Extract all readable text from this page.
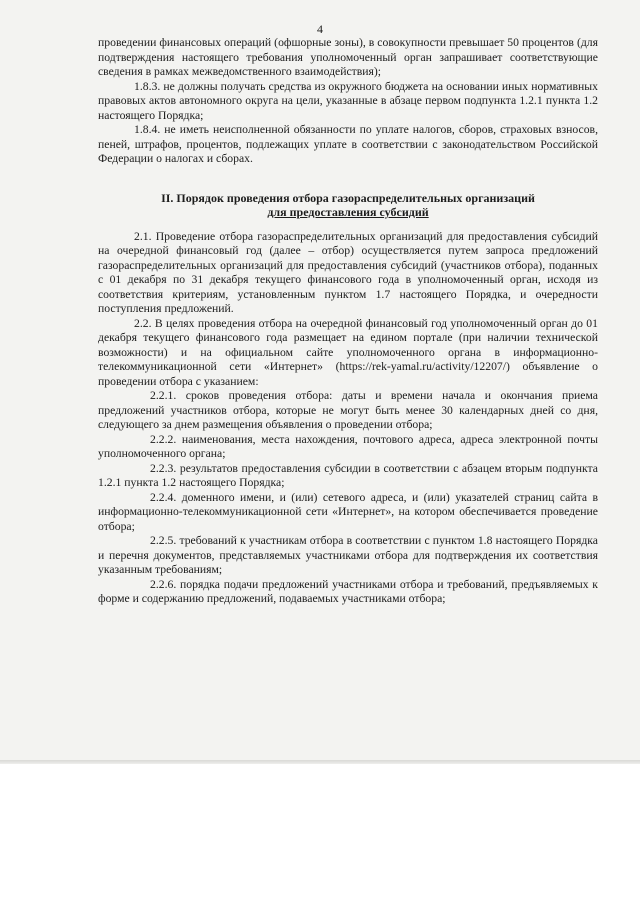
4

проведении финансовых операций (офшорные зоны), в совокупности превышает 50 процентов (для подтверждения настоящего требования уполномоченный орган запрашивает соответствующие сведения в рамках межведомственного взаимодействия);

1.8.3. не должны получать средства из окружного бюджета на основании иных нормативных правовых актов автономного округа на цели, указанные в абзаце первом подпункта 1.2.1 пункта 1.2 настоящего Порядка;

1.8.4. не иметь неисполненной обязанности по уплате налогов, сборов, страховых взносов, пеней, штрафов, процентов, подлежащих уплате в соответствии с законодательством Российской Федерации о налогах и сборах.

II. Порядок проведения отбора газораспределительных организаций
для предоставления субсидий

2.1. Проведение отбора газораспределительных организаций для предоставления субсидий на очередной финансовый год (далее – отбор) осуществляется путем запроса предложений газораспределительных организаций для предоставления субсидий (участников отбора), поданных с 01 декабря по 31 декабря текущего финансового года в уполномоченный орган, исходя из соответствия критериям, установленным пунктом 1.7 настоящего Порядка, и очередности поступления предложений.

2.2. В целях проведения отбора на очередной финансовый год уполномоченный орган до 01 декабря текущего финансового года размещает на едином портале (при наличии технической возможности) и на официальном сайте уполномоченного органа в информационно-телекоммуникационной сети «Интернет» (https://rek-yamal.ru/activity/12207/) объявление о проведении отбора с указанием:

2.2.1. сроков проведения отбора: даты и времени начала и окончания приема предложений участников отбора, которые не могут быть менее 30 календарных дней со дня, следующего за днем размещения объявления о проведении отбора;

2.2.2. наименования, места нахождения, почтового адреса, адреса электронной почты уполномоченного органа;

2.2.3. результатов предоставления субсидии в соответствии с абзацем вторым подпункта 1.2.1 пункта 1.2 настоящего Порядка;

2.2.4. доменного имени, и (или) сетевого адреса, и (или) указателей страниц сайта в информационно-телекоммуникационной сети «Интернет», на котором обеспечивается проведение отбора;

2.2.5. требований к участникам отбора в соответствии с пунктом 1.8 настоящего Порядка и перечня документов, представляемых участниками отбора для подтверждения их соответствия указанным требованиям;

2.2.6. порядка подачи предложений участниками отбора и требований, предъявляемых к форме и содержанию предложений, подаваемых участниками отбора;
